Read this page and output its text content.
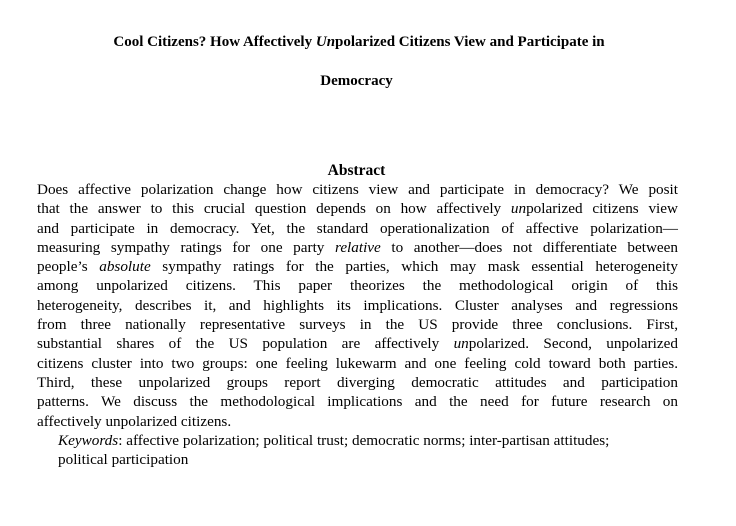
Cool Citizens? How Affectively Unpolarized Citizens View and Participate in
Democracy
Abstract
Does affective polarization change how citizens view and participate in democracy? We posit
that the answer to this crucial question depends on how affectively unpolarized citizens view
and participate in democracy. Yet, the standard operationalization of affective polarization—
measuring sympathy ratings for one party relative to another—does not differentiate between
people’s absolute sympathy ratings for the parties, which may mask essential heterogeneity
among unpolarized citizens. This paper theorizes the methodological origin of this
heterogeneity, describes it, and highlights its implications. Cluster analyses and regressions
from three nationally representative surveys in the US provide three conclusions. First,
substantial shares of the US population are affectively unpolarized. Second, unpolarized
citizens cluster into two groups: one feeling lukewarm and one feeling cold toward both parties.
Third, these unpolarized groups report diverging democratic attitudes and participation
patterns. We discuss the methodological implications and the need for future research on
affectively unpolarized citizens.
Keywords: affective polarization; political trust; democratic norms; inter-partisan attitudes;
political participation
